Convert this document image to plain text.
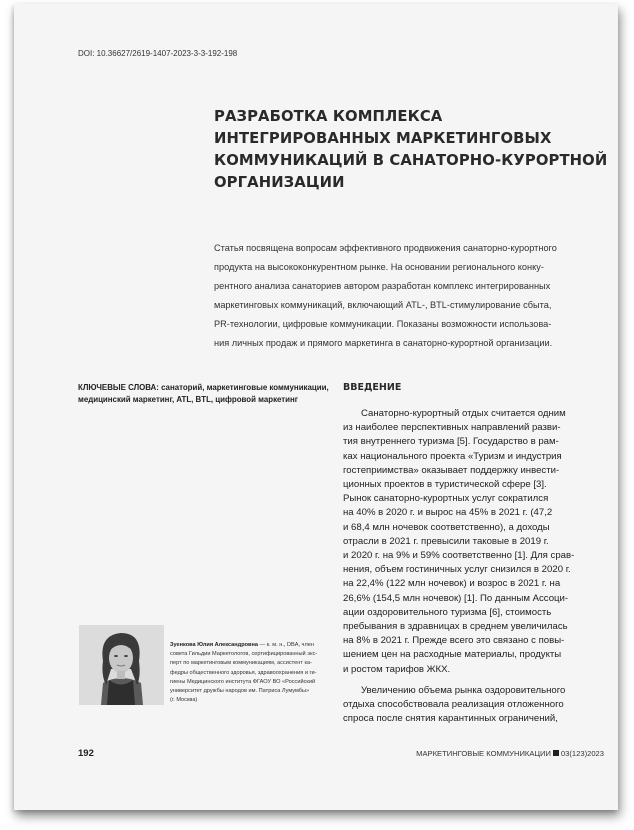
DOI: 10.36627/2619-1407-2023-3-3-192-198
РАЗРАБОТКА КОМПЛЕКСА
ИНТЕГРИРОВАННЫХ МАРКЕТИНГОВЫХ
КОММУНИКАЦИЙ В САНАТОРНО-КУРОРТНОЙ
ОРГАНИЗАЦИИ
Статья посвящена вопросам эффективного продвижения санаторно-курортного
продукта на высококонкурентном рынке. На основании регионального конку-
рентного анализа санаториев автором разработан комплекс интегрированных
маркетинговых коммуникаций, включающий ATL-, BTL-стимулирование сбыта,
PR-технологии, цифровые коммуникации. Показаны возможности использова-
ния личных продаж и прямого маркетинга в санаторно-курортной организации.
КЛЮЧЕВЫЕ СЛОВА: санаторий, маркетинговые коммуникации,
медицинский маркетинг, ATL, BTL, цифровой маркетинг
ВВЕДЕНИЕ
Санаторно-курортный отдых считается одним
из наиболее перспективных направлений разви-
тия внутреннего туризма [5]. Государство в рам-
ках национального проекта «Туризм и индустрия
гостеприимства» оказывает поддержку инвести-
ционных проектов в туристической сфере [3].
Рынок санаторно-курортных услуг сократился
на 40% в 2020 г. и вырос на 45% в 2021 г. (47,2
и 68,4 млн ночевок соответственно), а доходы
отрасли в 2021 г. превысили таковые в 2019 г.
и 2020 г. на 9% и 59% соответственно [1]. Для срав-
нения, объем гостиничных услуг снизился в 2020 г.
на 22,4% (122 млн ночевок) и возрос в 2021 г. на
26,6% (154,5 млн ночевок) [1]. По данным Ассоци-
ации оздоровительного туризма [6], стоимость
пребывания в здравницах в среднем увеличилась
на 8% в 2021 г. Прежде всего это связано с повы-
шением цен на расходные материалы, продукты
и ростом тарифов ЖКХ.
Увеличению объема рынка оздоровительного
отдыха способствовала реализация отложенного
спроса после снятия карантинных ограничений,
Зуенкова Юлия Александровна — к. м. н., DBA, член
совета Гильдии Маркетологов, сертифицированный экс-
перт по маркетинговым коммуникациям, ассистент ка-
федры общественного здоровья, здравоохранения и ги-
гиены Медицинского института ФГАОУ ВО «Российский
университет дружбы народов им. Патриса Лумумбы»
(г. Москва)
192	МАРКЕТИНГОВЫЕ КОММУНИКАЦИИ 03(123)2023
